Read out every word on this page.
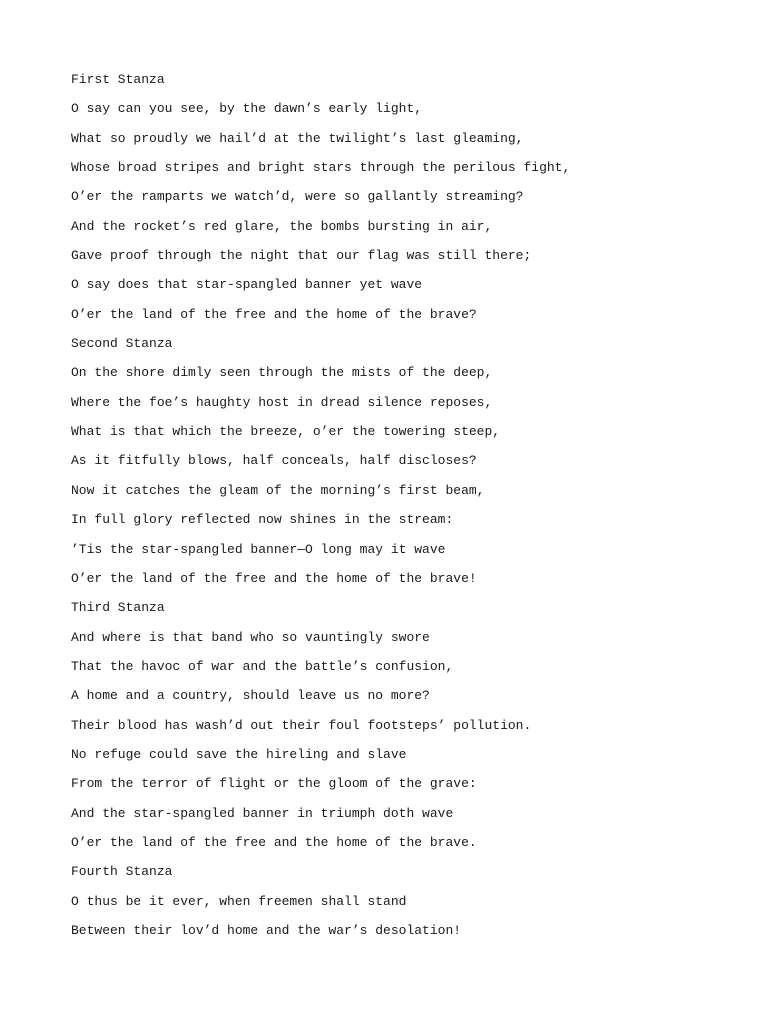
First Stanza
O say can you see, by the dawn’s early light,
What so proudly we hail’d at the twilight’s last gleaming,
Whose broad stripes and bright stars through the perilous fight,
O’er the ramparts we watch’d, were so gallantly streaming?
And the rocket’s red glare, the bombs bursting in air,
Gave proof through the night that our flag was still there;
O say does that star-spangled banner yet wave
O’er the land of the free and the home of the brave?
Second Stanza
On the shore dimly seen through the mists of the deep,
Where the foe’s haughty host in dread silence reposes,
What is that which the breeze, o’er the towering steep,
As it fitfully blows, half conceals, half discloses?
Now it catches the gleam of the morning’s first beam,
In full glory reflected now shines in the stream:
’Tis the star-spangled banner—O long may it wave
O’er the land of the free and the home of the brave!
Third Stanza
And where is that band who so vauntingly swore
That the havoc of war and the battle’s confusion,
A home and a country, should leave us no more?
Their blood has wash’d out their foul footsteps’ pollution.
No refuge could save the hireling and slave
From the terror of flight or the gloom of the grave:
And the star-spangled banner in triumph doth wave
O’er the land of the free and the home of the brave.
Fourth Stanza
O thus be it ever, when freemen shall stand
Between their lov’d home and the war’s desolation!
